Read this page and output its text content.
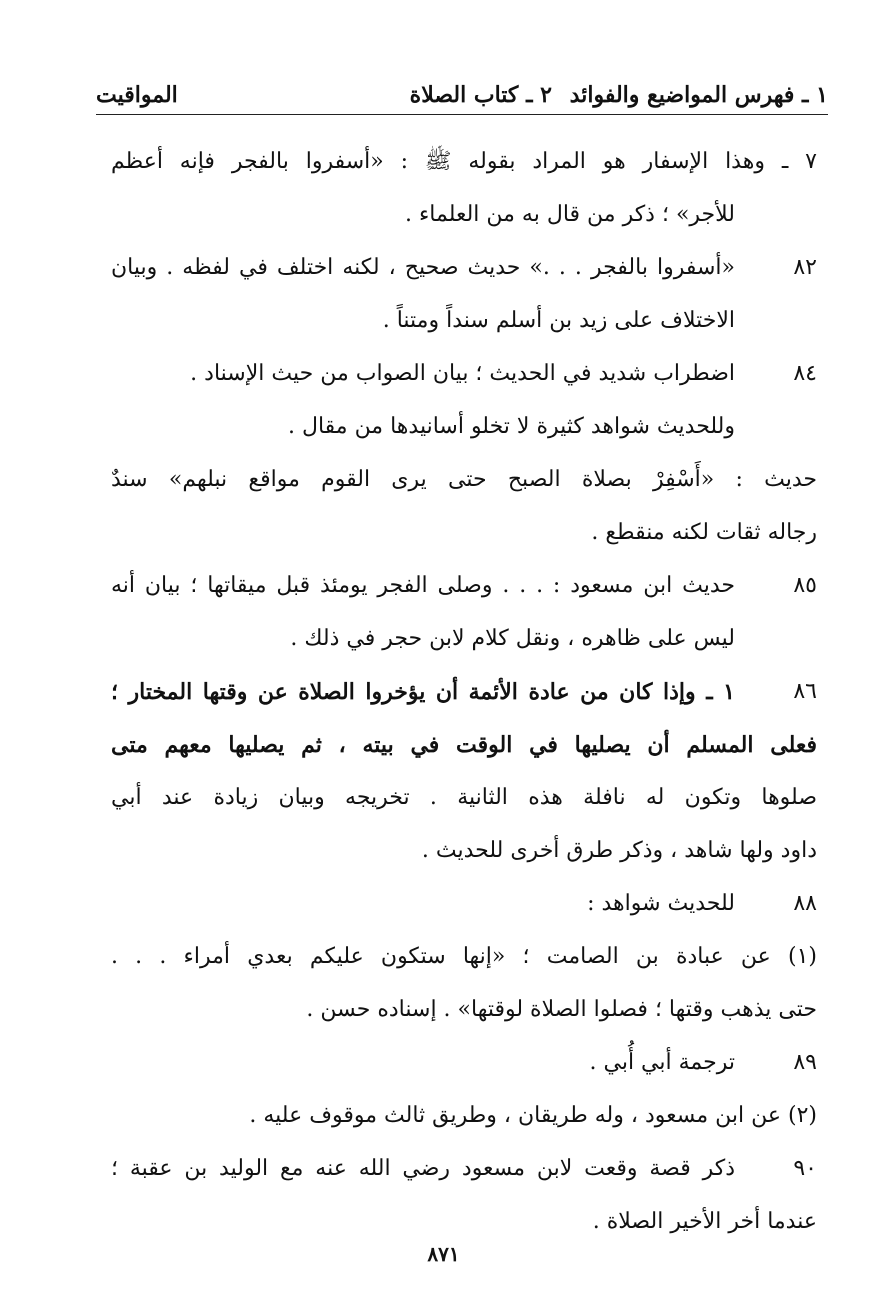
١ ـ فهرس المواضيع والفوائد
٢ ـ كتاب الصلاة
المواقيت
٧ ـ وهذا الإسفار هو المراد بقوله ﷺ : «أسفروا بالفجر فإنه أعظم
للأجر» ؛ ذكر من قال به من العلماء .
٨٢
«أسفروا بالفجر . . .» حديث صحيح ، لكنه اختلف في لفظه . وبيان
الاختلاف على زيد بن أسلم سنداً ومتناً .
٨٤
اضطراب شديد في الحديث ؛ بيان الصواب من حيث الإسناد .
وللحديث شواهد كثيرة لا تخلو أسانيدها من مقال .
حديث : «أَسْفِرْ بصلاة الصبح حتى يرى القوم مواقع نبلهم» سندٌ
رجاله ثقات لكنه منقطع .
٨٥
حديث ابن مسعود : . . . وصلى الفجر يومئذ قبل ميقاتها ؛ بيان أنه
ليس على ظاهره ، ونقل كلام لابن حجر في ذلك .
٨٦
١ ـ وإذا كان من عادة الأئمة أن يؤخروا الصلاة عن وقتها المختار ؛
فعلى المسلم أن يصليها في الوقت في بيته ، ثم يصليها معهم متى
صلوها وتكون له نافلة هذه الثانية . تخريجه وبيان زيادة عند أبي
داود ولها شاهد ، وذكر طرق أخرى للحديث .
٨٨
للحديث شواهد :
(١) عن عبادة بن الصامت ؛ «إنها ستكون عليكم بعدي أمراء . . .
حتى يذهب وقتها ؛ فصلوا الصلاة لوقتها» . إسناده حسن .
٨٩
ترجمة أبي أُبي .
(٢) عن ابن مسعود ، وله طريقان ، وطريق ثالث موقوف عليه .
٩٠
ذكر قصة وقعت لابن مسعود رضي الله عنه مع الوليد بن عقبة ؛
عندما أخر الأخير الصلاة .
٨٧١
